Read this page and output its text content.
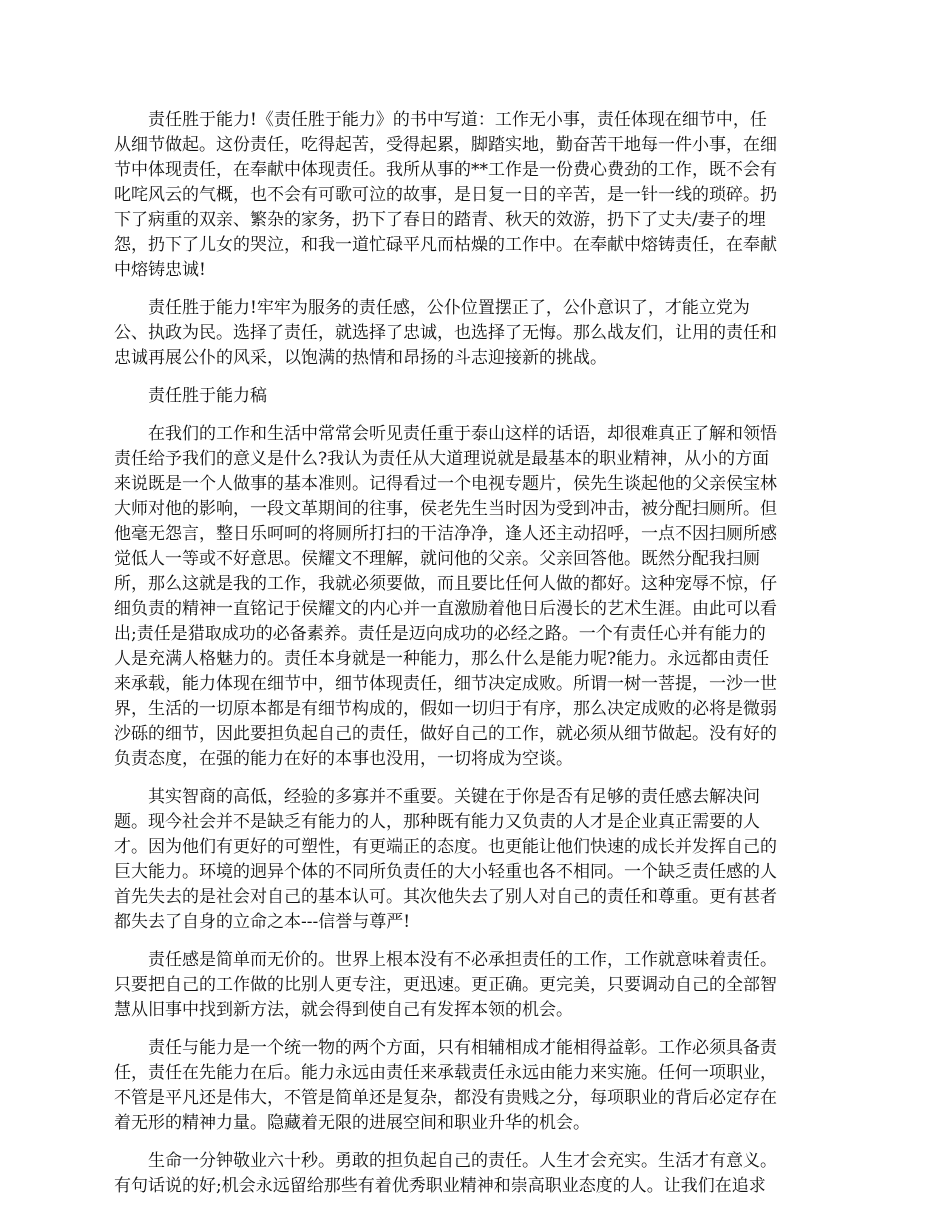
　　责任胜于能力!《责任胜于能力》的书中写道：工作无小事，责任体现在细节中，任
从细节做起。这份责任，吃得起苦，受得起累，脚踏实地，勤奋苦干地每一件小事，在细
节中体现责任，在奉献中体现责任。我所从事的**工作是一份费心费劲的工作，既不会有
叱咤风云的气概，也不会有可歌可泣的故事，是日复一日的辛苦，是一针一线的琐碎。扔
下了病重的双亲、繁杂的家务，扔下了春日的踏青、秋天的效游，扔下了丈夫/妻子的埋
怨，扔下了儿女的哭泣，和我一道忙碌平凡而枯燥的工作中。在奉献中熔铸责任，在奉献
中熔铸忠诚!
　　责任胜于能力!牢牢为服务的责任感，公仆位置摆正了，公仆意识了，才能立党为
公、执政为民。选择了责任，就选择了忠诚，也选择了无悔。那么战友们，让用的责任和
忠诚再展公仆的风采，以饱满的热情和昂扬的斗志迎接新的挑战。
　　责任胜于能力稿
　　在我们的工作和生活中常常会听见责任重于泰山这样的话语，却很难真正了解和领悟
责任给予我们的意义是什么?我认为责任从大道理说就是最基本的职业精神，从小的方面
来说既是一个人做事的基本准则。记得看过一个电视专题片，侯先生谈起他的父亲侯宝林
大师对他的影响，一段文革期间的往事，侯老先生当时因为受到冲击，被分配扫厕所。但
他毫无怨言，整日乐呵呵的将厕所打扫的干洁净净，逢人还主动招呼，一点不因扫厕所感
觉低人一等或不好意思。侯耀文不理解，就问他的父亲。父亲回答他。既然分配我扫厕
所，那么这就是我的工作，我就必须要做，而且要比任何人做的都好。这种宠辱不惊，仔
细负责的精神一直铭记于侯耀文的内心并一直激励着他日后漫长的艺术生涯。由此可以看
出;责任是猎取成功的必备素养。责任是迈向成功的必经之路。一个有责任心并有能力的
人是充满人格魅力的。责任本身就是一种能力，那么什么是能力呢?能力。永远都由责任
来承载，能力体现在细节中，细节体现责任，细节决定成败。所谓一树一菩提，一沙一世
界，生活的一切原本都是有细节构成的，假如一切归于有序，那么决定成败的必将是微弱
沙砾的细节，因此要担负起自己的责任，做好自己的工作，就必须从细节做起。没有好的
负责态度，在强的能力在好的本事也没用，一切将成为空谈。
　　其实智商的高低，经验的多寡并不重要。关键在于你是否有足够的责任感去解决问
题。现今社会并不是缺乏有能力的人，那种既有能力又负责的人才是企业真正需要的人
才。因为他们有更好的可塑性，有更端正的态度。也更能让他们快速的成长并发挥自己的
巨大能力。环境的迥异个体的不同所负责任的大小轻重也各不相同。一个缺乏责任感的人
首先失去的是社会对自己的基本认可。其次他失去了别人对自己的责任和尊重。更有甚者
都失去了自身的立命之本---信誉与尊严!
　　责任感是简单而无价的。世界上根本没有不必承担责任的工作，工作就意味着责任。
只要把自己的工作做的比别人更专注，更迅速。更正确。更完美，只要调动自己的全部智
慧从旧事中找到新方法，就会得到使自己有发挥本领的机会。
　　责任与能力是一个统一物的两个方面，只有相辅相成才能相得益彰。工作必须具备责
任，责任在先能力在后。能力永远由责任来承载责任永远由能力来实施。任何一项职业，
不管是平凡还是伟大，不管是简单还是复杂，都没有贵贱之分，每项职业的背后必定存在
着无形的精神力量。隐藏着无限的进展空间和职业升华的机会。
　　生命一分钟敬业六十秒。勇敢的担负起自己的责任。人生才会充实。生活才有意义。
有句话说的好;机会永远留给那些有着优秀职业精神和崇高职业态度的人。让我们在追求
